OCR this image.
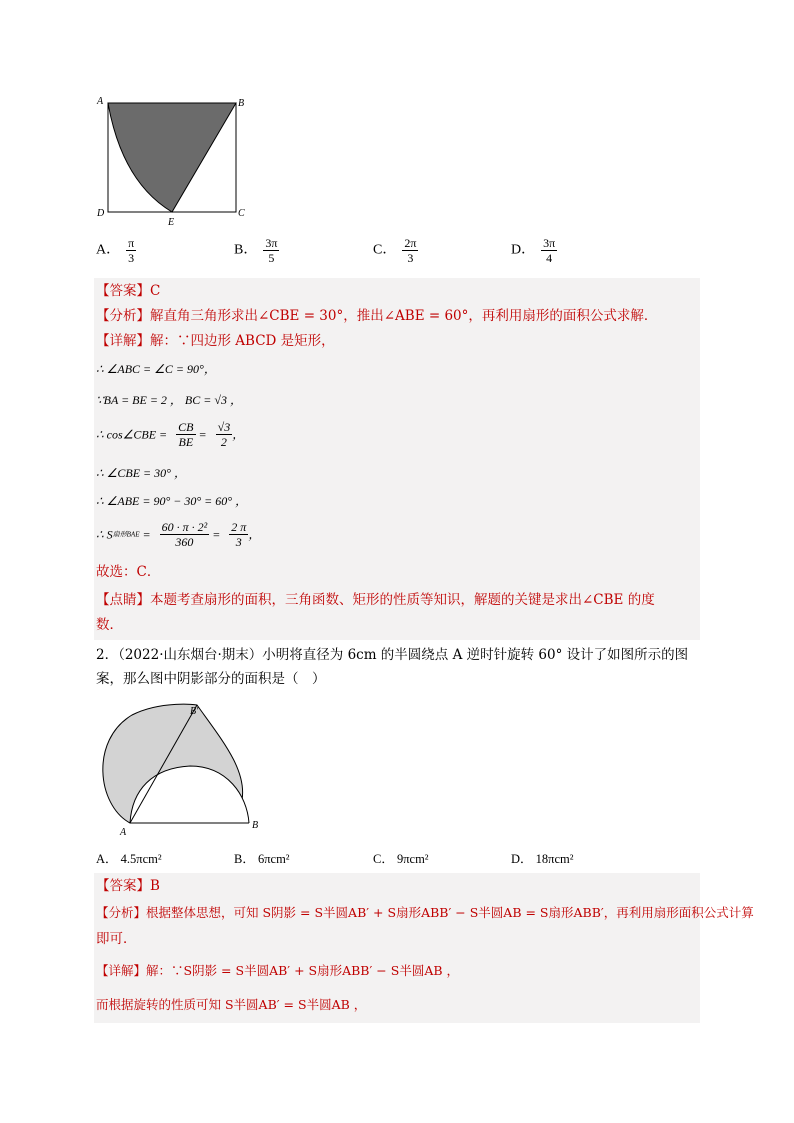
A	B
C
D
E
A． $\frac{\pi}{3}$	B． $\frac{3\pi}{5}$	C． $\frac{2\pi}{3}$	D． $\frac{3\pi}{4}$
【答案】C
【分析】解直角三角形求出∠CBE = 30°，推出∠ABE = 60°，再利用扇形的面积公式求解．
【详解】解：∵四边形 ABCD 是矩形，
∴ ∠ABC = ∠C = 90°，
∵BA = BE = 2 ， BC = √3 ，
∴ cos∠CBE = $\frac{CB}{BE} = \frac{√3}{2}$ ，
∴ ∠CBE = 30° ，
∴ ∠ABE = 90° − 30° = 60° ，
∴ S扇形BAE = $\frac{\text{60 · π · 2²}}{360} = \frac{2 \pi}{3}$ ，
故选：C．
【点睛】本题考查扇形的面积，三角函数、矩形的性质等知识，解题的关键是求出∠CBE 的度
数．
2．（2022·山东烟台·期末）小明将直径为 6cm 的半圆绕点 A 逆时针旋转 60° 设计了如图所示的图
案，那么图中阴影部分的面积是（　）
A
B
B′
A． 4.5πcm²	B． 6πcm²	C． 9πcm²	D． 18πcm²
【答案】B
【分析】根据整体思想，可知 S阴影 = S半圆AB′ + S扇形ABB′ − S半圆AB = S扇形ABB′，再利用扇形面积公式计算
即可．
【详解】解：∵S阴影 = S半圆AB′ + S扇形ABB′ − S半圆AB ，
而根据旋转的性质可知 S半圆AB′ = S半圆AB ，
